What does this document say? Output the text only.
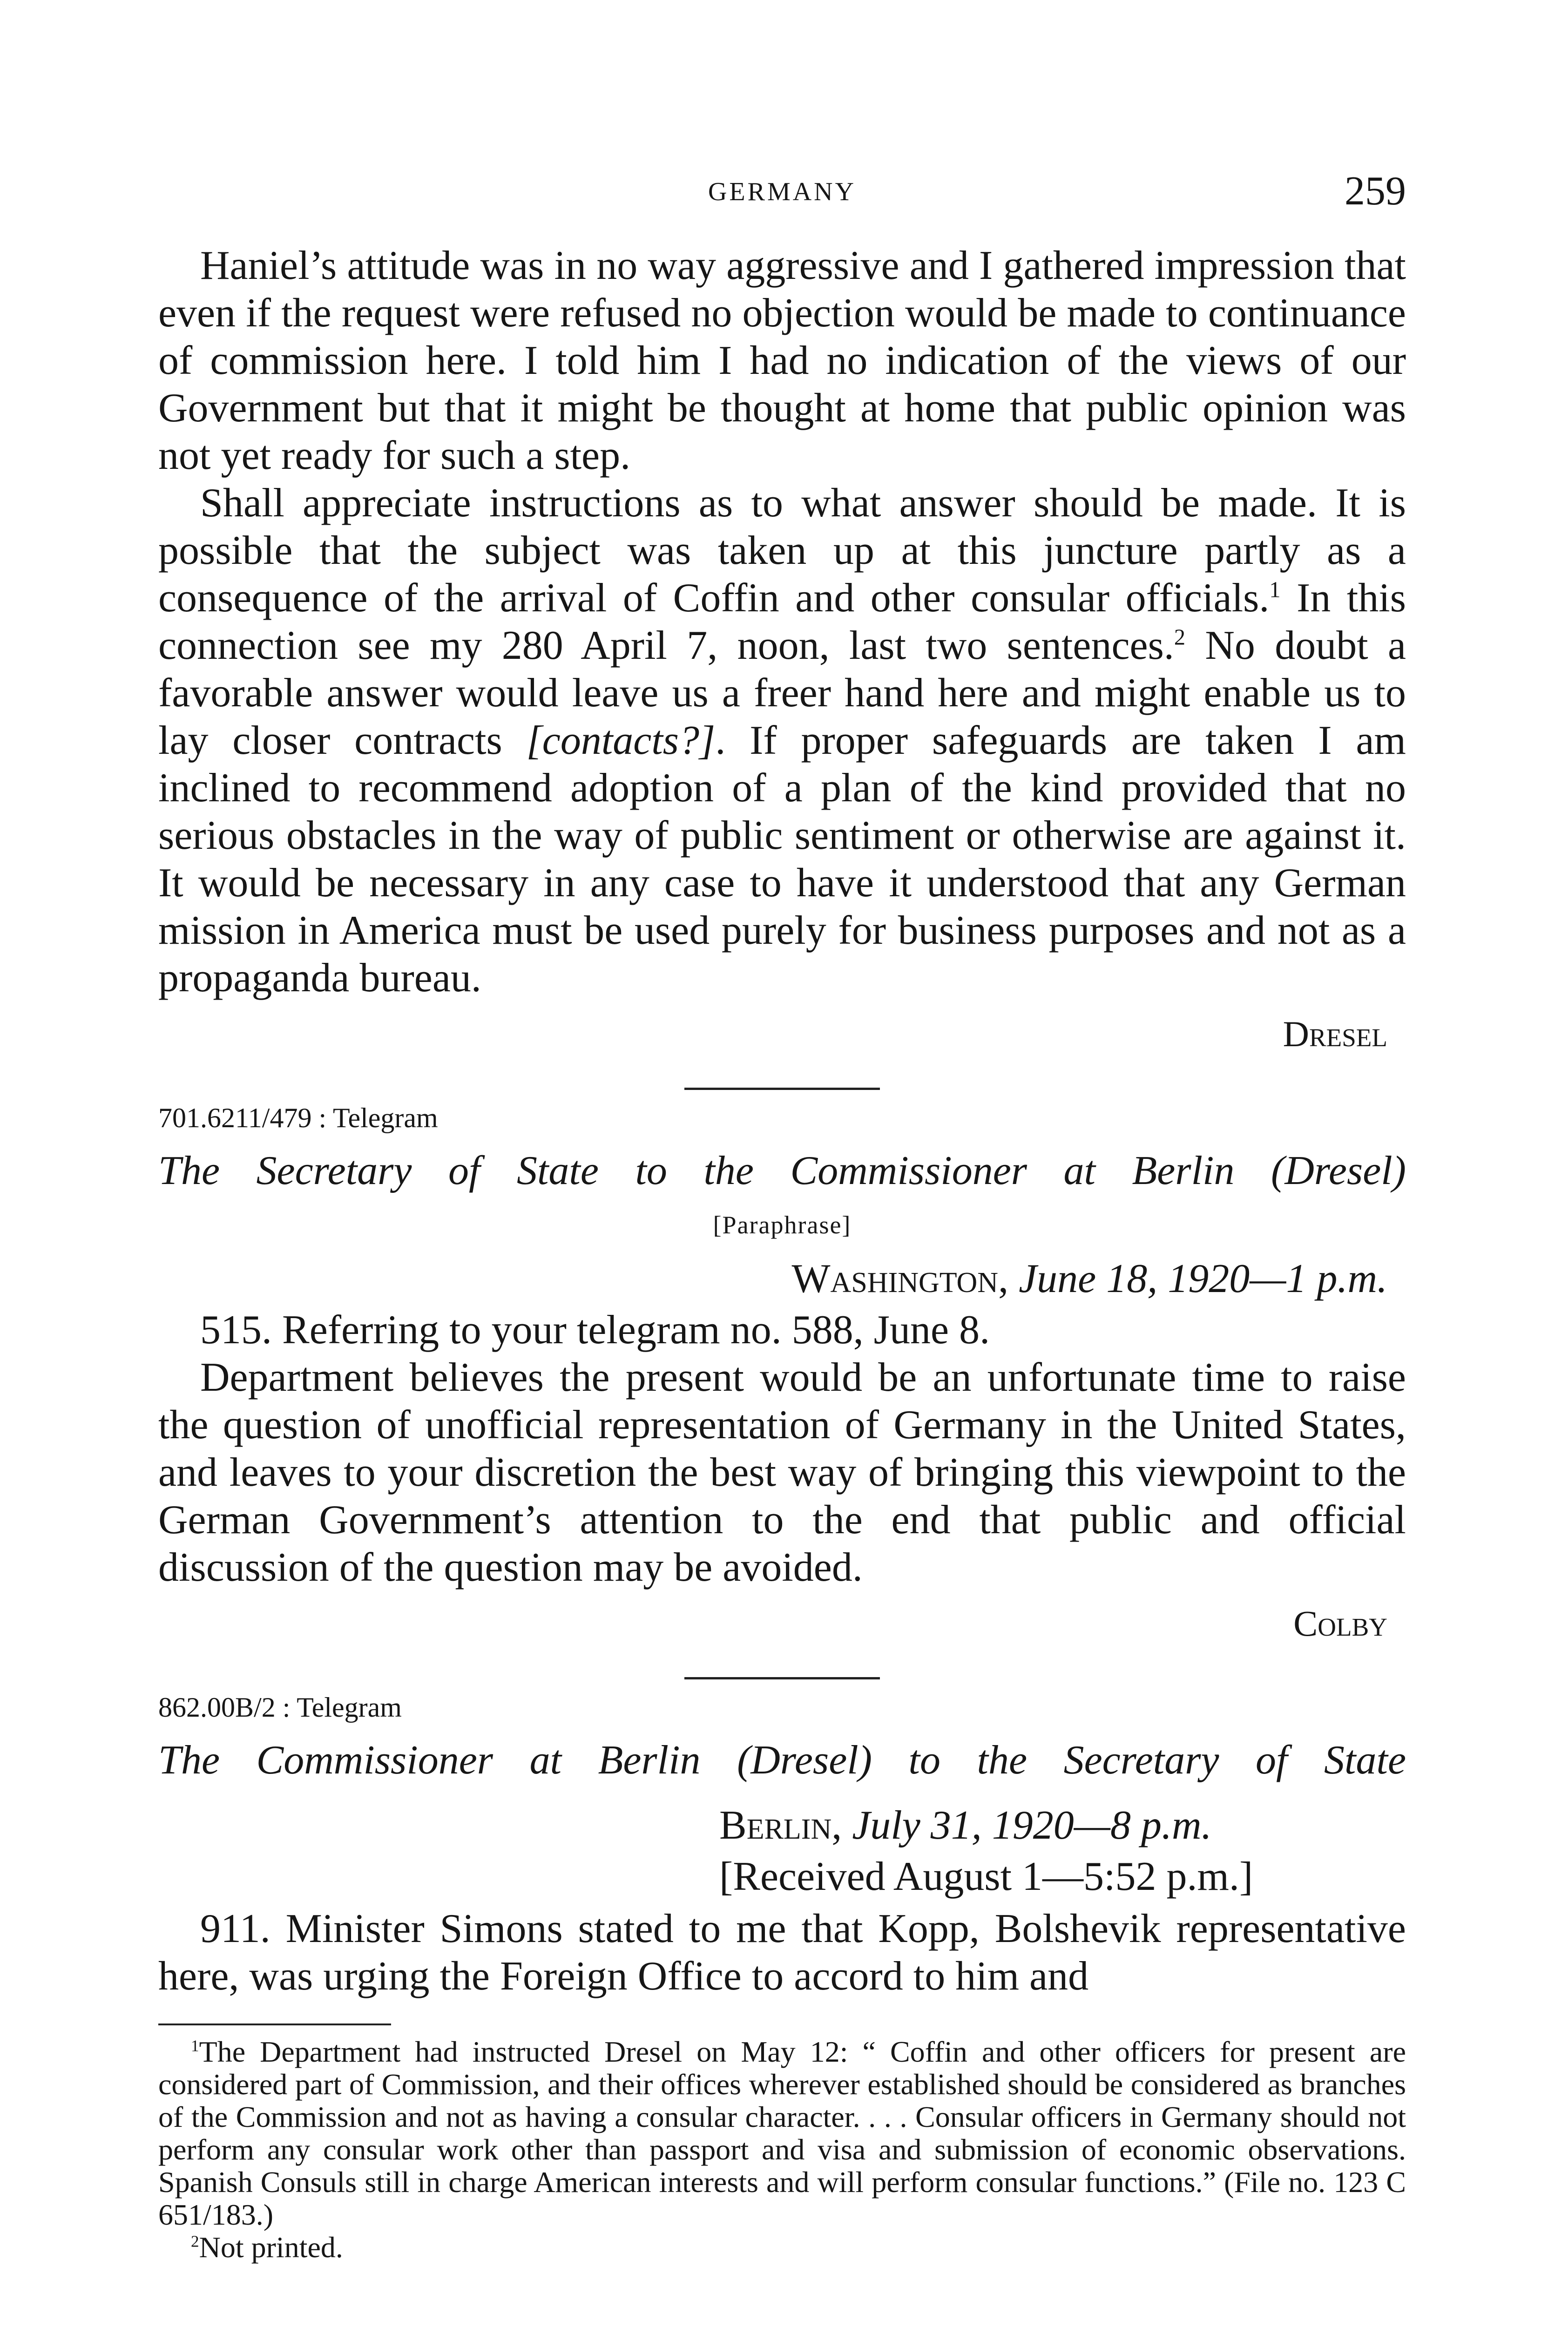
GERMANY	259

Haniel’s attitude was in no way aggressive and I gathered impression that even if the request were refused no objection would be made to continuance of commission here. I told him I had no indication of the views of our Government but that it might be thought at home that public opinion was not yet ready for such a step.

Shall appreciate instructions as to what answer should be made. It is possible that the subject was taken up at this juncture partly as a consequence of the arrival of Coffin and other consular officials.$^1$ In this connection see my 280 April 7, noon, last two sentences.$^2$ No doubt a favorable answer would leave us a freer hand here and might enable us to lay closer contracts [contacts?]. If proper safeguards are taken I am inclined to recommend adoption of a plan of the kind provided that no serious obstacles in the way of public sentiment or otherwise are against it. It would be necessary in any case to have it understood that any German mission in America must be used purely for business purposes and not as a propaganda bureau.

Dresel
701.6211/479 : Telegram
The Secretary of State to the Commissioner at Berlin (Dresel)
[Paraphrase]
Washington, June 18, 1920—1 p.m.

515. Referring to your telegram no. 588, June 8.

Department believes the present would be an unfortunate time to raise the question of unofficial representation of Germany in the United States, and leaves to your discretion the best way of bringing this viewpoint to the German Government’s attention to the end that public and official discussion of the question may be avoided.

Colby
862.00B/2 : Telegram
The Commissioner at Berlin (Dresel) to the Secretary of State
Berlin, July 31, 1920—8 p.m.
[Received August 1—5:52 p.m.]

911. Minister Simons stated to me that Kopp, Bolshevik representative here, was urging the Foreign Office to accord to him and

$^1$The Department had instructed Dresel on May 12: “ Coffin and other officers for present are considered part of Commission, and their offices wherever established should be considered as branches of the Commission and not as having a consular character. . . . Consular officers in Germany should not perform any consular work other than passport and visa and submission of economic observations. Spanish Consuls still in charge American interests and will perform consular functions.” (File no. 123 C 651/183.)

$^2$Not printed.
